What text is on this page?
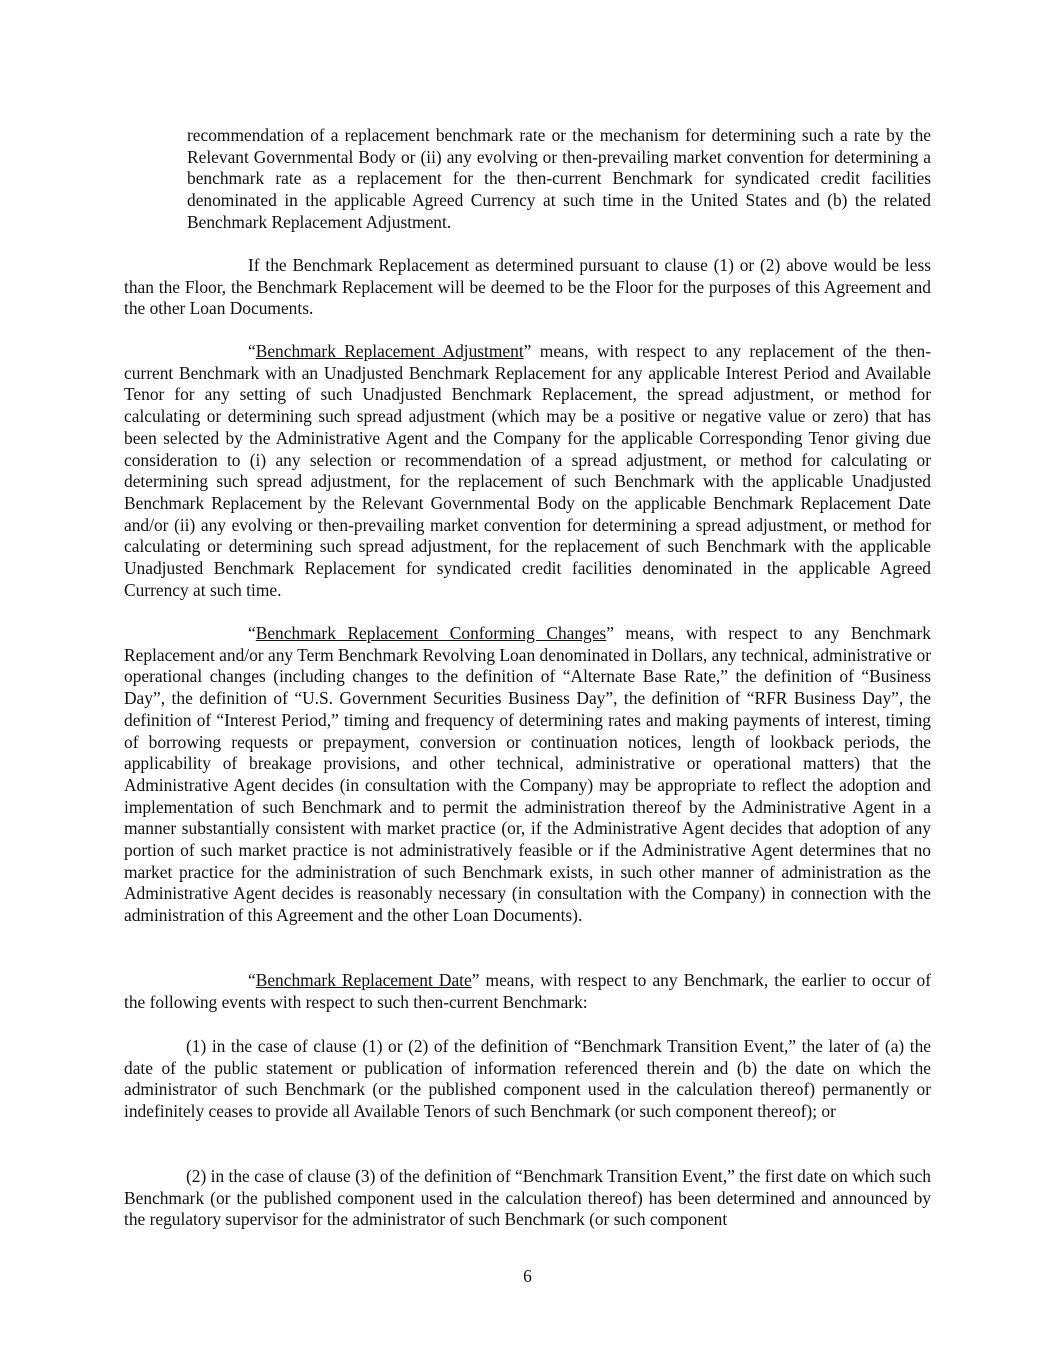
recommendation of a replacement benchmark rate or the mechanism for determining such a rate by the Relevant Governmental Body or (ii) any evolving or then-prevailing market convention for determining a benchmark rate as a replacement for the then-current Benchmark for syndicated credit facilities denominated in the applicable Agreed Currency at such time in the United States and (b) the related Benchmark Replacement Adjustment.

If the Benchmark Replacement as determined pursuant to clause (1) or (2) above would be less than the Floor, the Benchmark Replacement will be deemed to be the Floor for the purposes of this Agreement and the other Loan Documents.

“Benchmark Replacement Adjustment” means, with respect to any replacement of the then-current Benchmark with an Unadjusted Benchmark Replacement for any applicable Interest Period and Available Tenor for any setting of such Unadjusted Benchmark Replacement, the spread adjustment, or method for calculating or determining such spread adjustment (which may be a positive or negative value or zero) that has been selected by the Administrative Agent and the Company for the applicable Corresponding Tenor giving due consideration to (i) any selection or recommendation of a spread adjustment, or method for calculating or determining such spread adjustment, for the replacement of such Benchmark with the applicable Unadjusted Benchmark Replacement by the Relevant Governmental Body on the applicable Benchmark Replacement Date and/or (ii) any evolving or then-prevailing market convention for determining a spread adjustment, or method for calculating or determining such spread adjustment, for the replacement of such Benchmark with the applicable Unadjusted Benchmark Replacement for syndicated credit facilities denominated in the applicable Agreed Currency at such time.

“Benchmark Replacement Conforming Changes” means, with respect to any Benchmark Replacement and/or any Term Benchmark Revolving Loan denominated in Dollars, any technical, administrative or operational changes (including changes to the definition of “Alternate Base Rate,” the definition of “Business Day”, the definition of “U.S. Government Securities Business Day”, the definition of “RFR Business Day”, the definition of “Interest Period,” timing and frequency of determining rates and making payments of interest, timing of borrowing requests or prepayment, conversion or continuation notices, length of lookback periods, the applicability of breakage provisions, and other technical, administrative or operational matters) that the Administrative Agent decides (in consultation with the Company) may be appropriate to reflect the adoption and implementation of such Benchmark and to permit the administration thereof by the Administrative Agent in a manner substantially consistent with market practice (or, if the Administrative Agent decides that adoption of any portion of such market practice is not administratively feasible or if the Administrative Agent determines that no market practice for the administration of such Benchmark exists, in such other manner of administration as the Administrative Agent decides is reasonably necessary (in consultation with the Company) in connection with the administration of this Agreement and the other Loan Documents).

“Benchmark Replacement Date” means, with respect to any Benchmark, the earlier to occur of the following events with respect to such then-current Benchmark:

(1) in the case of clause (1) or (2) of the definition of “Benchmark Transition Event,” the later of (a) the date of the public statement or publication of information referenced therein and (b) the date on which the administrator of such Benchmark (or the published component used in the calculation thereof) permanently or indefinitely ceases to provide all Available Tenors of such Benchmark (or such component thereof); or

(2) in the case of clause (3) of the definition of “Benchmark Transition Event,” the first date on which such Benchmark (or the published component used in the calculation thereof) has been determined and announced by the regulatory supervisor for the administrator of such Benchmark (or such component

6
